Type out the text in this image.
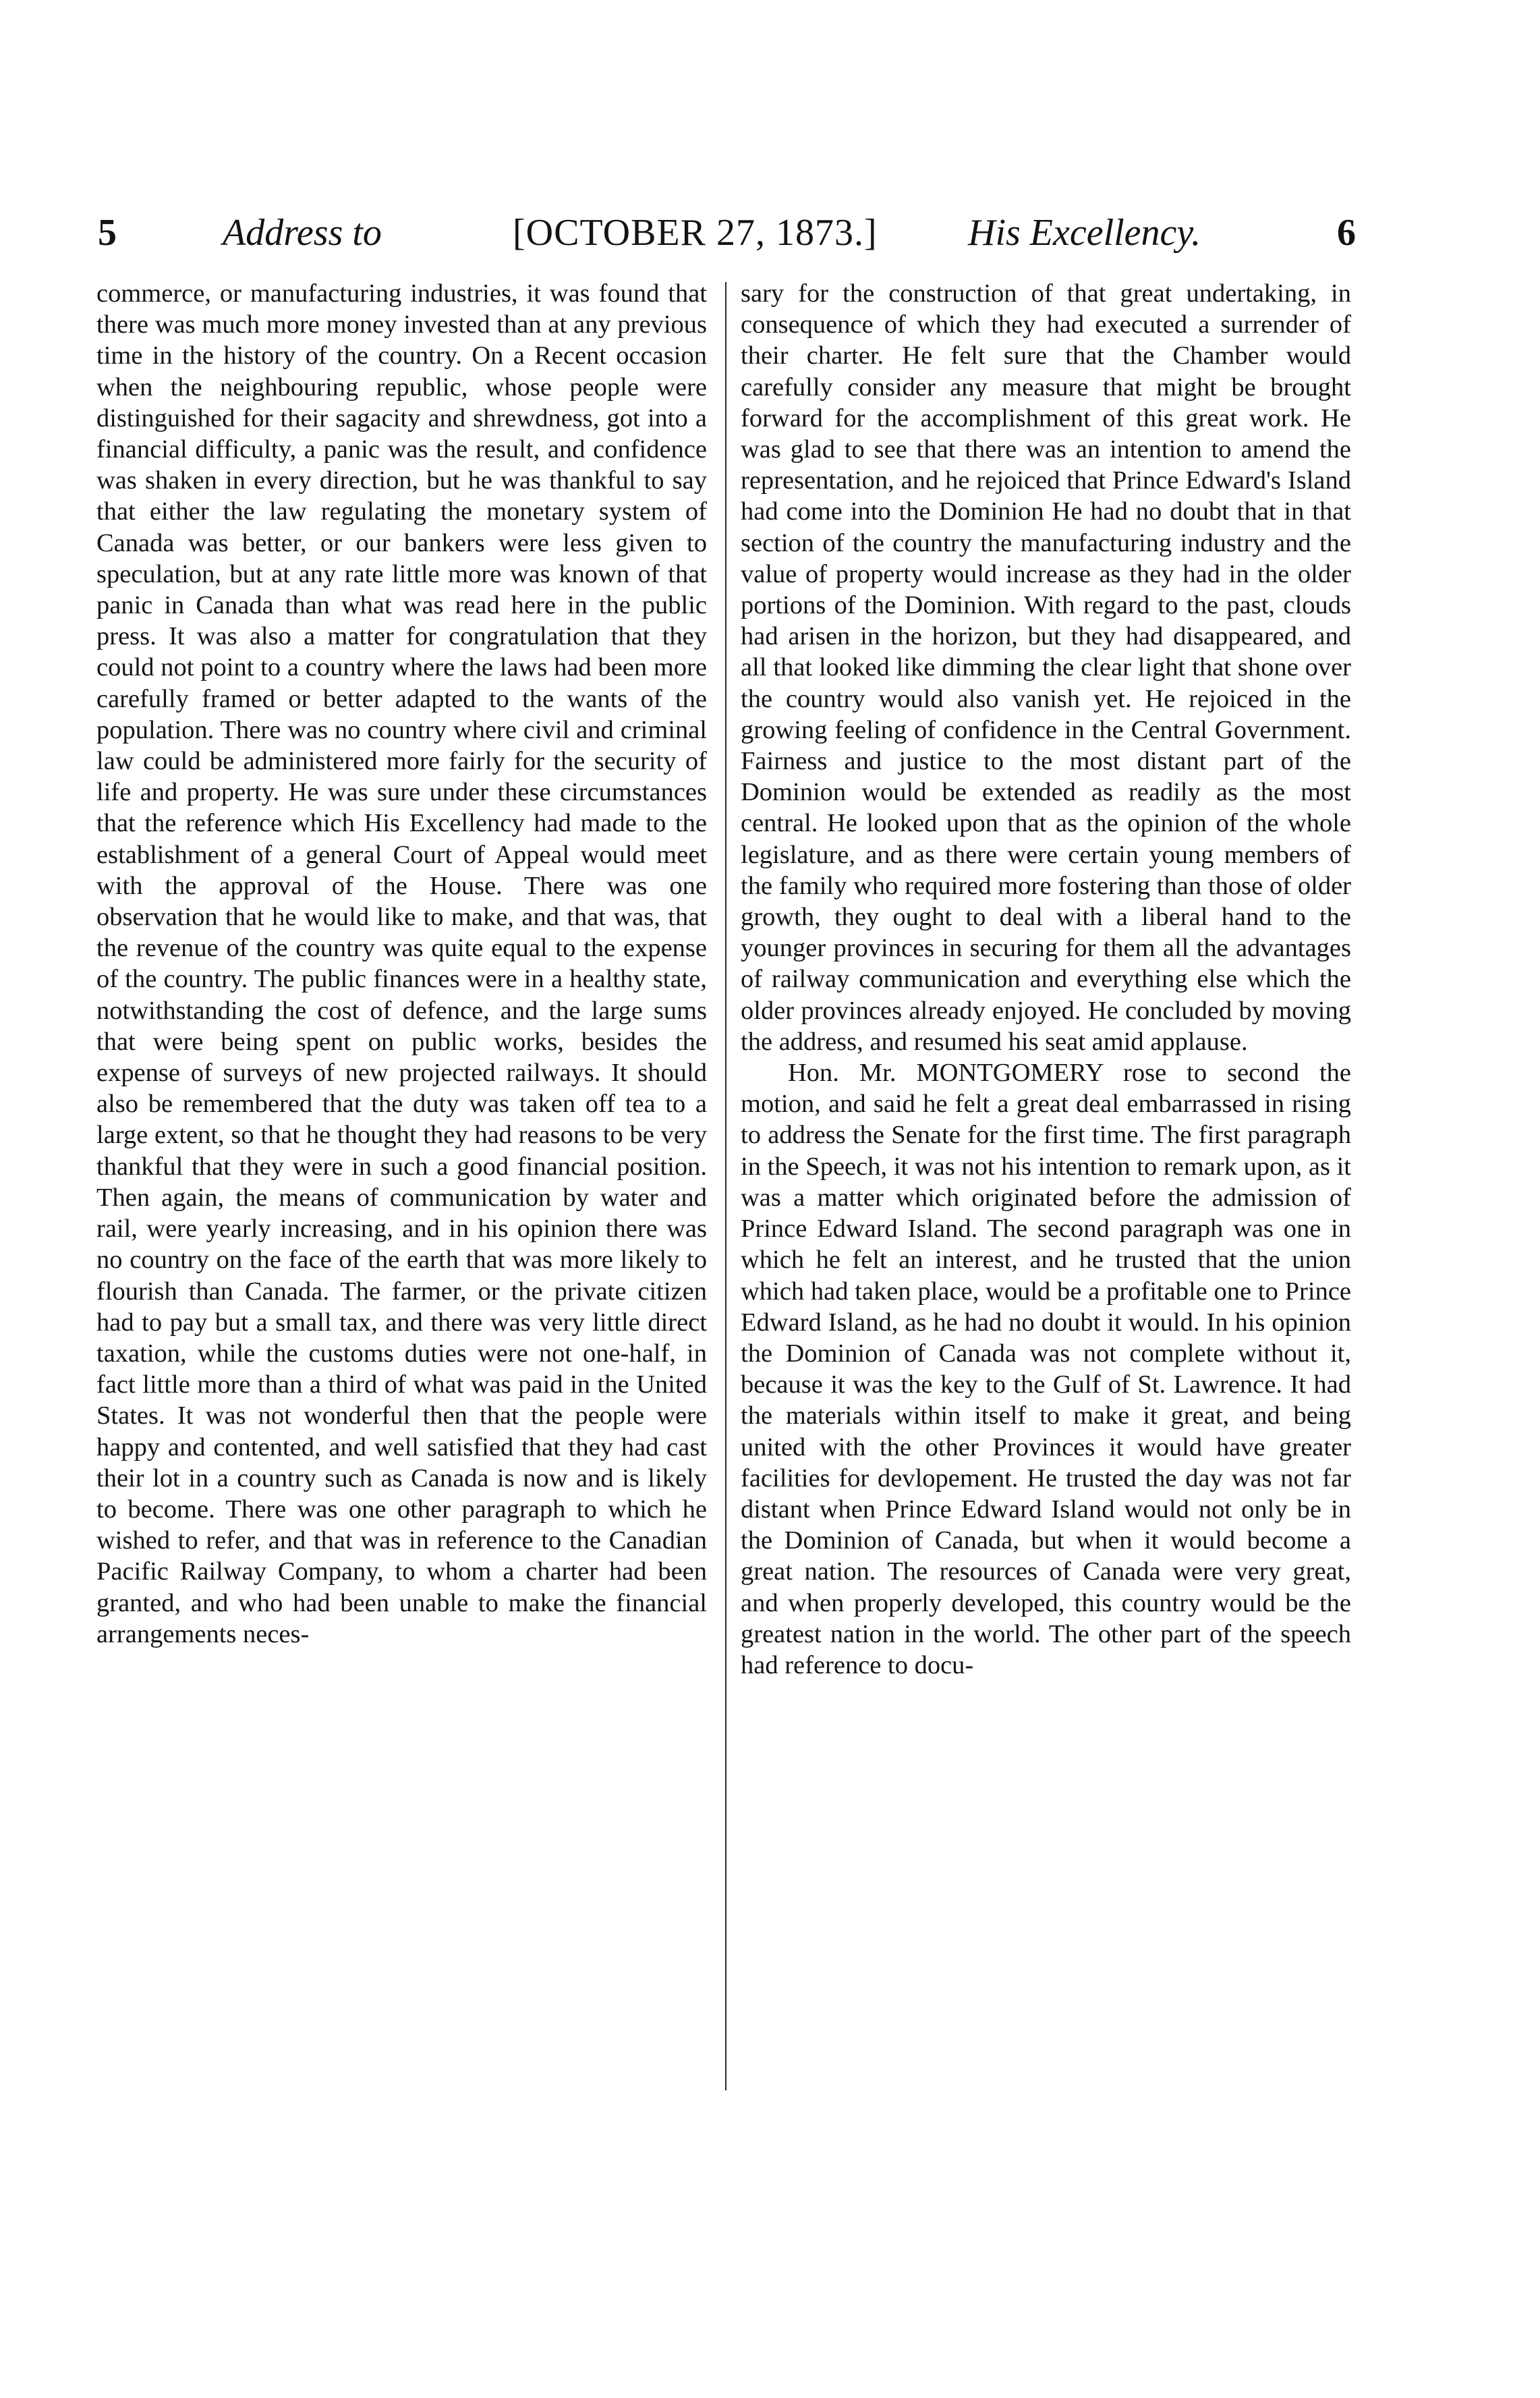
5	Address to	[OCTOBER 27, 1873.] His Excellency.	6

commerce, or manufacturing industries, it was found that there was much more money invested than at any previous time in the history of the country. On a Recent occasion when the neighbouring republic, whose people were distinguished for their sagacity and shrewdness, got into a financial difficulty, a panic was the result, and confidence was shaken in every direction, but he was thankful to say that either the law regulating the monetary system of Canada was better, or our bankers were less given to speculation, but at any rate little more was known of that panic in Canada than what was read here in the public press. It was also a matter for congratulation that they could not point to a country where the laws had been more carefully framed or better adapted to the wants of the population. There was no country where civil and criminal law could be administered more fairly for the security of life and property. He was sure under these circumstances that the reference which His Excellency had made to the establishment of a general Court of Appeal would meet with the approval of the House. There was one observation that he would like to make, and that was, that the revenue of the country was quite equal to the expense of the country. The public finances were in a healthy state, notwithstanding the cost of defence, and the large sums that were being spent on public works, besides the expense of surveys of new projected railways. It should also be remembered that the duty was taken off tea to a large extent, so that he thought they had reasons to be very thankful that they were in such a good financial position. Then again, the means of communication by water and rail, were yearly increasing, and in his opinion there was no country on the face of the earth that was more likely to flourish than Canada. The farmer, or the private citizen had to pay but a small tax, and there was very little direct taxation, while the customs duties were not one-half, in fact little more than a third of what was paid in the United States. It was not wonderful then that the people were happy and contented, and well satisfied that they had cast their lot in a country such as Canada is now and is likely to become. There was one other paragraph to which he wished to refer, and that was in reference to the Canadian Pacific Railway Company, to whom a charter had been granted, and who had been unable to make the financial arrangements neces-

sary for the construction of that great undertaking, in consequence of which they had executed a surrender of their charter. He felt sure that the Chamber would carefully consider any measure that might be brought forward for the accomplishment of this great work. He was glad to see that there was an intention to amend the representation, and he rejoiced that Prince Edward's Island had come into the Dominion He had no doubt that in that section of the country the manufacturing industry and the value of property would increase as they had in the older portions of the Dominion. With regard to the past, clouds had arisen in the horizon, but they had disappeared, and all that looked like dimming the clear light that shone over the country would also vanish yet. He rejoiced in the growing feeling of confidence in the Central Government. Fairness and justice to the most distant part of the Dominion would be extended as readily as the most central. He looked upon that as the opinion of the whole legislature, and as there were certain young members of the family who required more fostering than those of older growth, they ought to deal with a liberal hand to the younger provinces in securing for them all the advantages of railway communication and everything else which the older provinces already enjoyed. He concluded by moving the address, and resumed his seat amid applause.

Hon. Mr. MONTGOMERY rose to second the motion, and said he felt a great deal embarrassed in rising to address the Senate for the first time. The first paragraph in the Speech, it was not his intention to remark upon, as it was a matter which originated before the admission of Prince Edward Island. The second paragraph was one in which he felt an interest, and he trusted that the union which had taken place, would be a profitable one to Prince Edward Island, as he had no doubt it would. In his opinion the Dominion of Canada was not complete without it, because it was the key to the Gulf of St. Lawrence. It had the materials within itself to make it great, and being united with the other Provinces it would have greater facilities for devlopement. He trusted the day was not far distant when Prince Edward Island would not only be in the Dominion of Canada, but when it would become a great nation. The resources of Canada were very great, and when properly developed, this country would be the greatest nation in the world. The other part of the speech had reference to docu-
